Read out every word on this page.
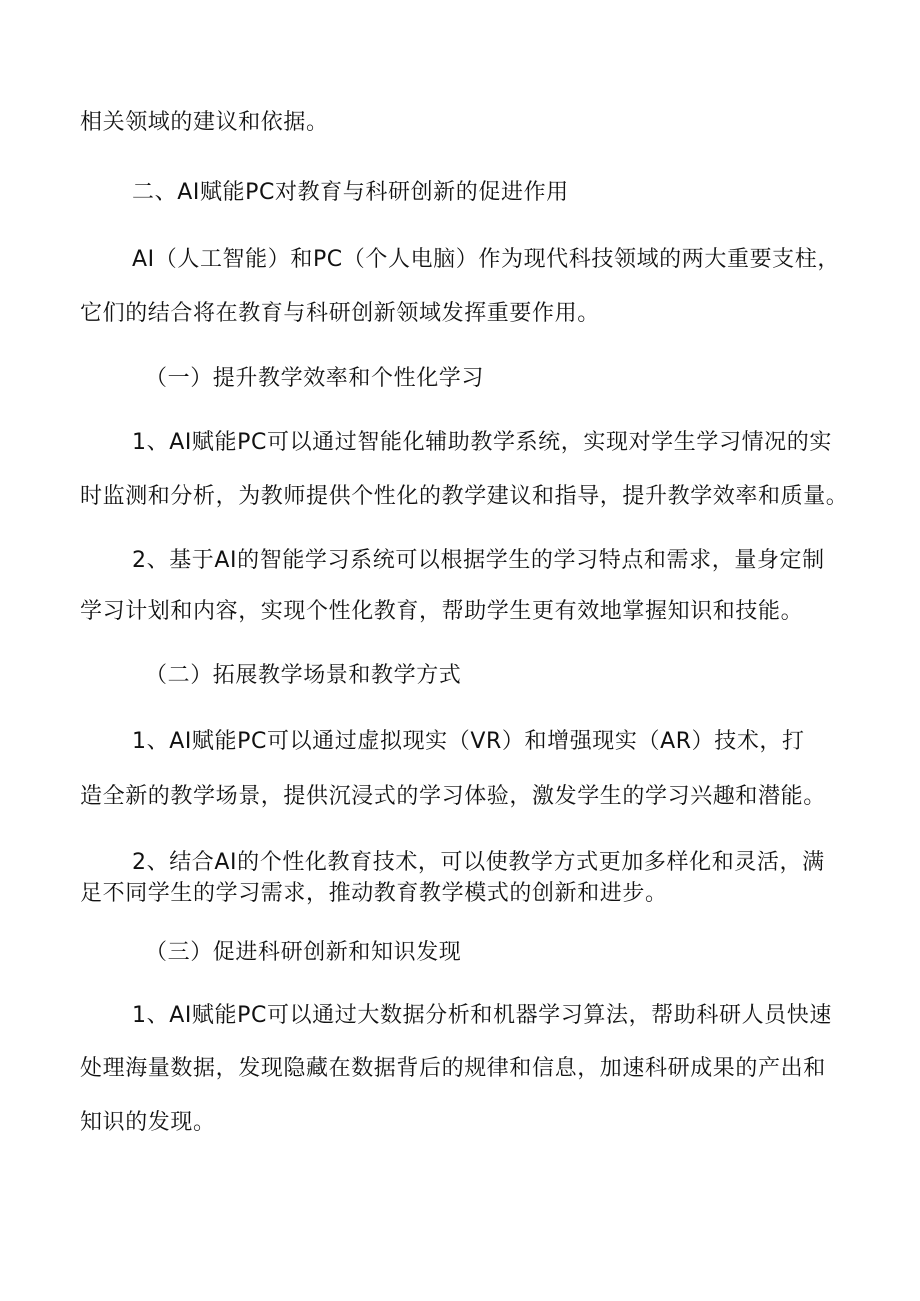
相关领域的建议和依据。
二、AI赋能PC对教育与科研创新的促进作用
AI（人工智能）和PC（个人电脑）作为现代科技领域的两大重要支柱，
它们的结合将在教育与科研创新领域发挥重要作用。
（一）提升教学效率和个性化学习
1、AI赋能PC可以通过智能化辅助教学系统，实现对学生学习情况的实
时监测和分析，为教师提供个性化的教学建议和指导，提升教学效率和质量。
2、基于AI的智能学习系统可以根据学生的学习特点和需求，量身定制
学习计划和内容，实现个性化教育，帮助学生更有效地掌握知识和技能。
（二）拓展教学场景和教学方式
1、AI赋能PC可以通过虚拟现实（VR）和增强现实（AR）技术，打
造全新的教学场景，提供沉浸式的学习体验，激发学生的学习兴趣和潜能。
2、结合AI的个性化教育技术，可以使教学方式更加多样化和灵活，满
足不同学生的学习需求，推动教育教学模式的创新和进步。
（三）促进科研创新和知识发现
1、AI赋能PC可以通过大数据分析和机器学习算法，帮助科研人员快速
处理海量数据，发现隐藏在数据背后的规律和信息，加速科研成果的产出和
知识的发现。
